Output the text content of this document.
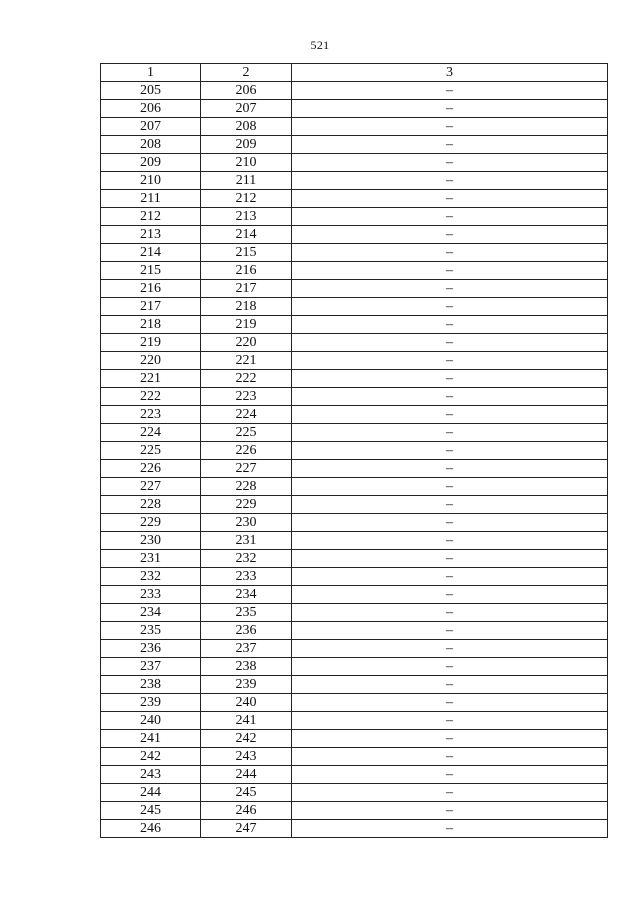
521
1	2	3
205	206	–
206	207	–
207	208	–
208	209	–
209	210	–
210	211	–
211	212	–
212	213	–
213	214	–
214	215	–
215	216	–
216	217	–
217	218	–
218	219	–
219	220	–
220	221	–
221	222	–
222	223	–
223	224	–
224	225	–
225	226	–
226	227	–
227	228	–
228	229	–
229	230	–
230	231	–
231	232	–
232	233	–
233	234	–
234	235	–
235	236	–
236	237	–
237	238	–
238	239	–
239	240	–
240	241	–
241	242	–
242	243	–
243	244	–
244	245	–
245	246	–
246	247	–
